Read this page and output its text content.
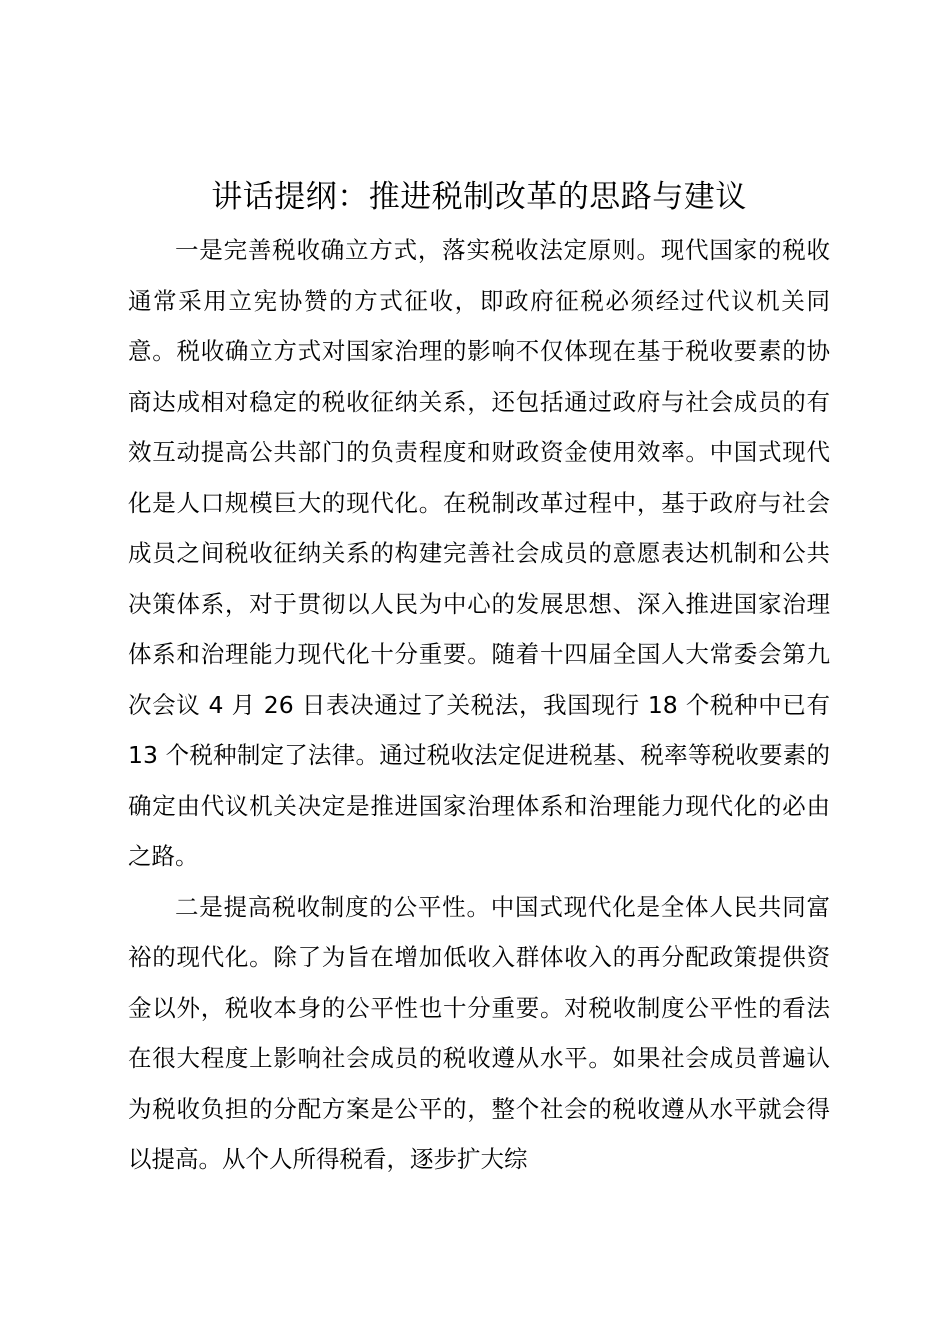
讲话提纲：推进税制改革的思路与建议

一是完善税收确立方式，落实税收法定原则。现代国家的税收通常采用立宪协赞的方式征收，即政府征税必须经过代议机关同意。税收确立方式对国家治理的影响不仅体现在基于税收要素的协商达成相对稳定的税收征纳关系，还包括通过政府与社会成员的有效互动提高公共部门的负责程度和财政资金使用效率。中国式现代化是人口规模巨大的现代化。在税制改革过程中，基于政府与社会成员之间税收征纳关系的构建完善社会成员的意愿表达机制和公共决策体系，对于贯彻以人民为中心的发展思想、深入推进国家治理体系和治理能力现代化十分重要。随着十四届全国人大常委会第九次会议 4 月 26 日表决通过了关税法，我国现行 18 个税种中已有 13 个税种制定了法律。通过税收法定促进税基、税率等税收要素的确定由代议机关决定是推进国家治理体系和治理能力现代化的必由之路。

二是提高税收制度的公平性。中国式现代化是全体人民共同富裕的现代化。除了为旨在增加低收入群体收入的再分配政策提供资金以外，税收本身的公平性也十分重要。对税收制度公平性的看法在很大程度上影响社会成员的税收遵从水平。如果社会成员普遍认为税收负担的分配方案是公平的，整个社会的税收遵从水平就会得以提高。从个人所得税看，逐步扩大综
